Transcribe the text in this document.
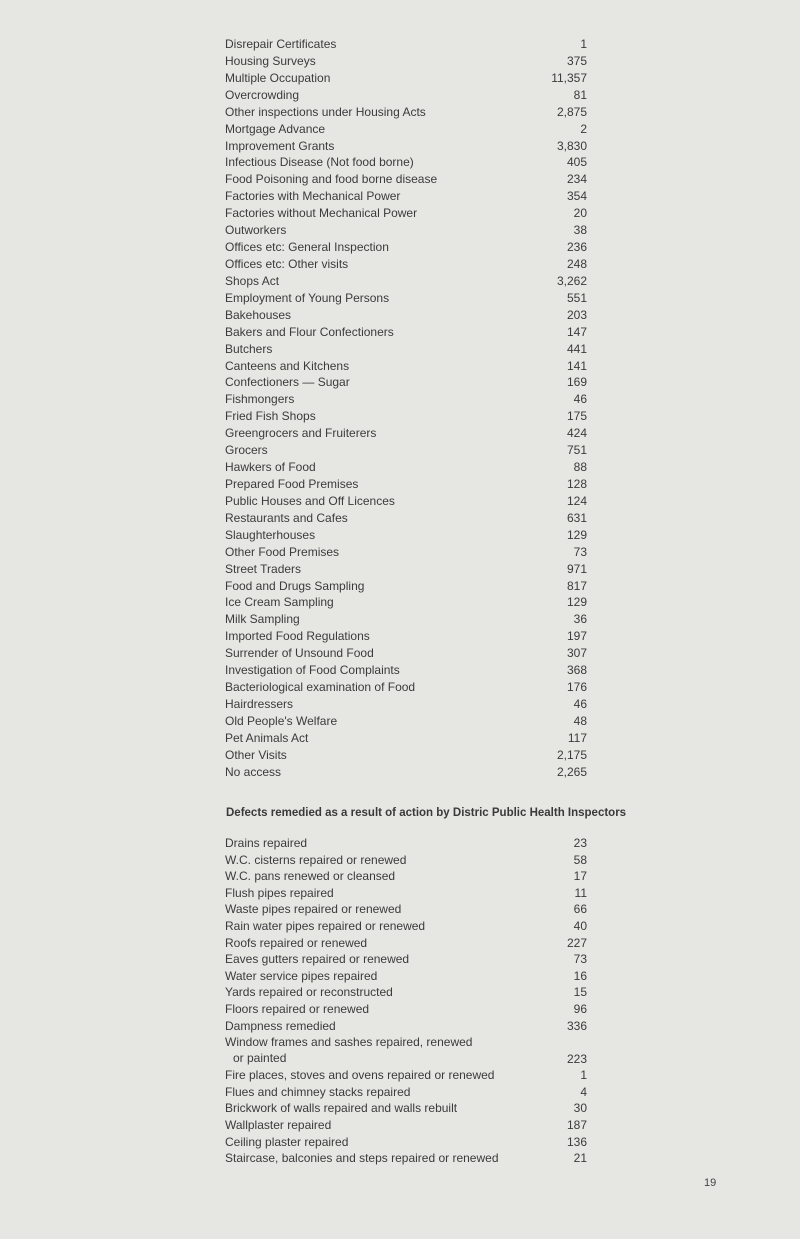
Disrepair Certificates	1
Housing Surveys	375
Multiple Occupation	11,357
Overcrowding	81
Other inspections under Housing Acts	2,875
Mortgage Advance	2
Improvement Grants	3,830
Infectious Disease (Not food borne)	405
Food Poisoning and food borne disease	234
Factories with Mechanical Power	354
Factories without Mechanical Power	20
Outworkers	38
Offices etc: General Inspection	236
Offices etc: Other visits	248
Shops Act	3,262
Employment of Young Persons	551
Bakehouses	203
Bakers and Flour Confectioners	147
Butchers	441
Canteens and Kitchens	141
Confectioners — Sugar	169
Fishmongers	46
Fried Fish Shops	175
Greengrocers and Fruiterers	424
Grocers	751
Hawkers of Food	88
Prepared Food Premises	128
Public Houses and Off Licences	124
Restaurants and Cafes	631
Slaughterhouses	129
Other Food Premises	73
Street Traders	971
Food and Drugs Sampling	817
Ice Cream Sampling	129
Milk Sampling	36
Imported Food Regulations	197
Surrender of Unsound Food	307
Investigation of Food Complaints	368
Bacteriological examination of Food	176
Hairdressers	46
Old People's Welfare	48
Pet Animals Act	117
Other Visits	2,175
No access	2,265
Defects remedied as a result of action by Distric Public Health Inspectors
Drains repaired	23
W.C. cisterns repaired or renewed	58
W.C. pans renewed or cleansed	17
Flush pipes repaired	11
Waste pipes repaired or renewed	66
Rain water pipes repaired or renewed	40
Roofs repaired or renewed	227
Eaves gutters repaired or renewed	73
Water service pipes repaired	16
Yards repaired or reconstructed	15
Floors repaired or renewed	96
Dampness remedied	336
Window frames and sashes repaired, renewed
or painted	223
Fire places, stoves and ovens repaired or renewed	1
Flues and chimney stacks repaired	4
Brickwork of walls repaired and walls rebuilt	30
Wallplaster repaired	187
Ceiling plaster repaired	136
Staircase, balconies and steps repaired or renewed	21
19
